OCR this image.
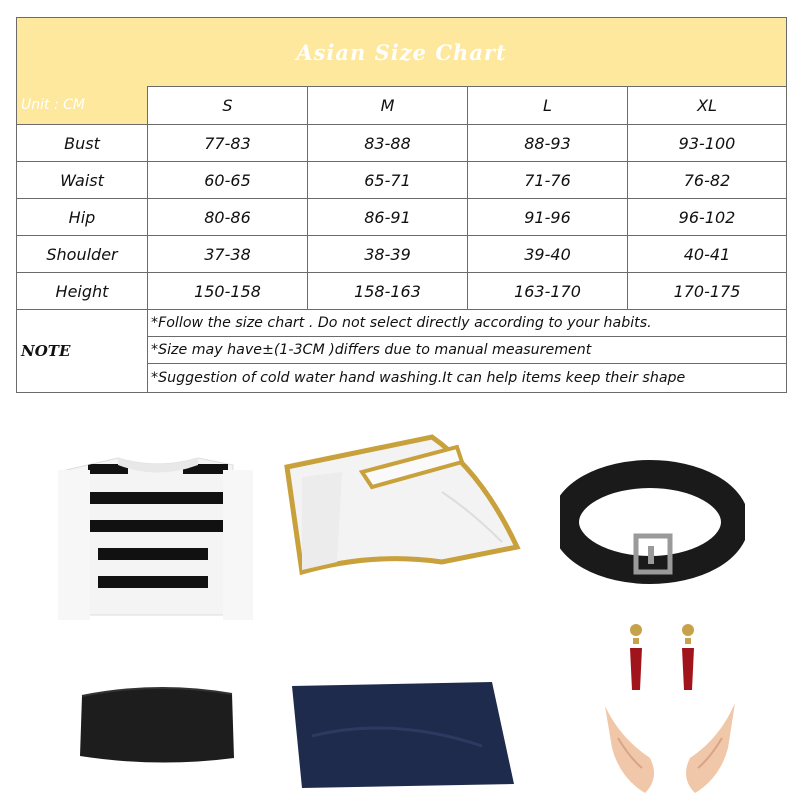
Asian Size Chart
Unit : CM	S	M	L	XL
Bust	77-83	83-88	88-93	93-100
Waist	60-65	65-71	71-76	76-82
Hip	80-86	86-91	91-96	96-102
Shoulder	37-38	38-39	39-40	40-41
Height	150-158	158-163	163-170	170-175
NOTE
*Follow the size chart . Do not select directly according to your habits.
*Size may have±(1-3CM )differs due to manual measurement
*Suggestion of cold water hand washing.It can help items keep their shape
